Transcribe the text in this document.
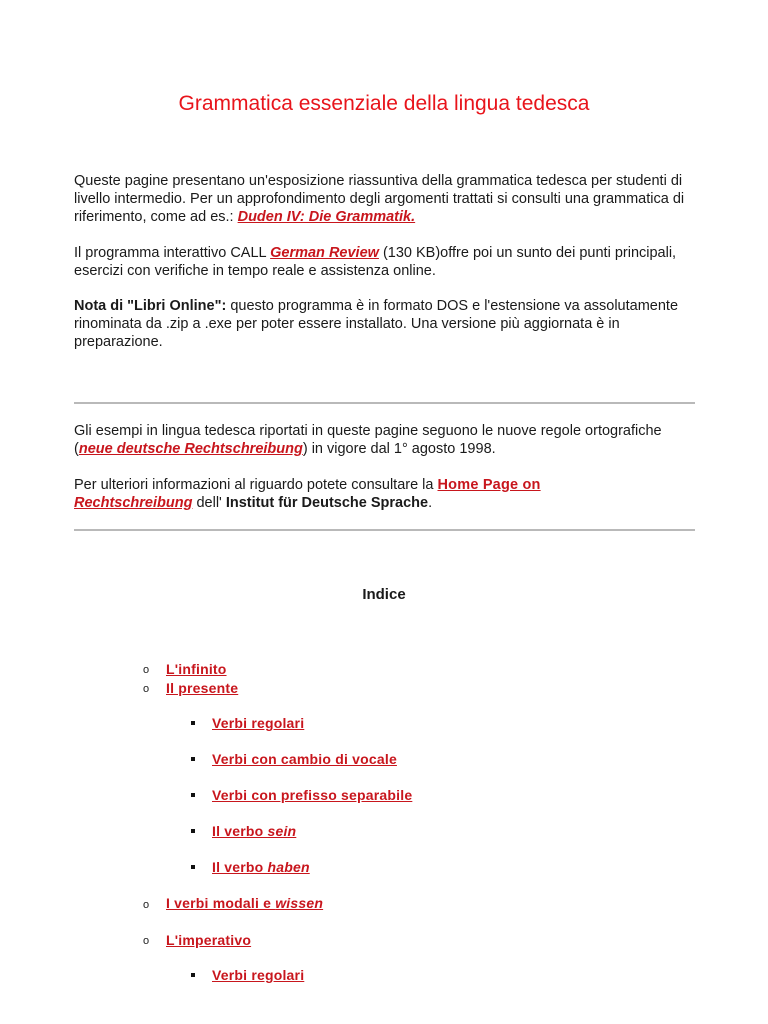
Grammatica essenziale della lingua tedesca

Queste pagine presentano un'esposizione riassuntiva della grammatica tedesca per studenti di livello intermedio. Per un approfondimento degli argomenti trattati si consulti una grammatica di riferimento, come ad es.: Duden IV: Die Grammatik.

Il programma interattivo CALL German Review (130 KB)offre poi un sunto dei punti principali, esercizi con verifiche in tempo reale e assistenza online.

Nota di "Libri Online": questo programma è in formato DOS e l'estensione va assolutamente rinominata da .zip a .exe per poter essere installato. Una versione più aggiornata è in preparazione.

Gli esempi in lingua tedesca riportati in queste pagine seguono le nuove regole ortografiche (neue deutsche Rechtschreibung) in vigore dal 1° agosto 1998.

Per ulteriori informazioni al riguardo potete consultare la Home Page on
Rechtschreibung dell' Institut für Deutsche Sprache.

Indice
o L'infinito
o Il presente
Verbi regolari
Verbi con cambio di vocale
Verbi con prefisso separabile
Il verbo sein
Il verbo haben
o I verbi modali e wissen
o L'imperativo
Verbi regolari
